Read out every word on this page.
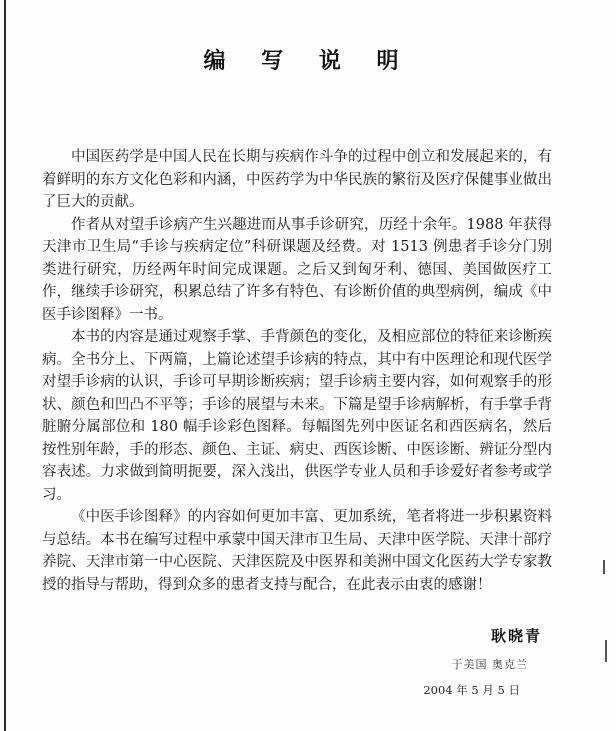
编 写 说 明

中国医药学是中国人民在长期与疾病作斗争的过程中创立和发展起来的，有着鲜明的东方文化色彩和内涵，中医药学为中华民族的繁衍及医疗保健事业做出了巨大的贡献。

作者从对望手诊病产生兴趣进而从事手诊研究，历经十余年。1988 年获得天津市卫生局“手诊与疾病定位”科研课题及经费。对 1513 例患者手诊分门别类进行研究，历经两年时间完成课题。之后又到匈牙利、德国、美国做医疗工作，继续手诊研究，积累总结了许多有特色、有诊断价值的典型病例，编成《中医手诊图释》一书。

本书的内容是通过观察手掌、手背颜色的变化，及相应部位的特征来诊断疾病。全书分上、下两篇，上篇论述望手诊病的特点，其中有中医理论和现代医学对望手诊病的认识，手诊可早期诊断疾病；望手诊病主要内容，如何观察手的形状、颜色和凹凸不平等；手诊的展望与未来。下篇是望手诊病解析，有手掌手背脏腑分属部位和 180 幅手诊彩色图释。每幅图先列中医证名和西医病名，然后按性别年龄，手的形态、颜色、主证、病史、西医诊断、中医诊断、辨证分型内容表述。力求做到简明扼要，深入浅出，供医学专业人员和手诊爱好者参考或学习。

《中医手诊图释》的内容如何更加丰富、更加系统，笔者将进一步积累资料与总结。本书在编写过程中承蒙中国天津市卫生局、天津中医学院、天津十部疗养院、天津市第一中心医院、天津医院及中医界和美洲中国文化医药大学专家教授的指导与帮助，得到众多的患者支持与配合，在此表示由衷的感谢！

耿晓青
于美国 奥克兰
2004 年 5 月 5 日
